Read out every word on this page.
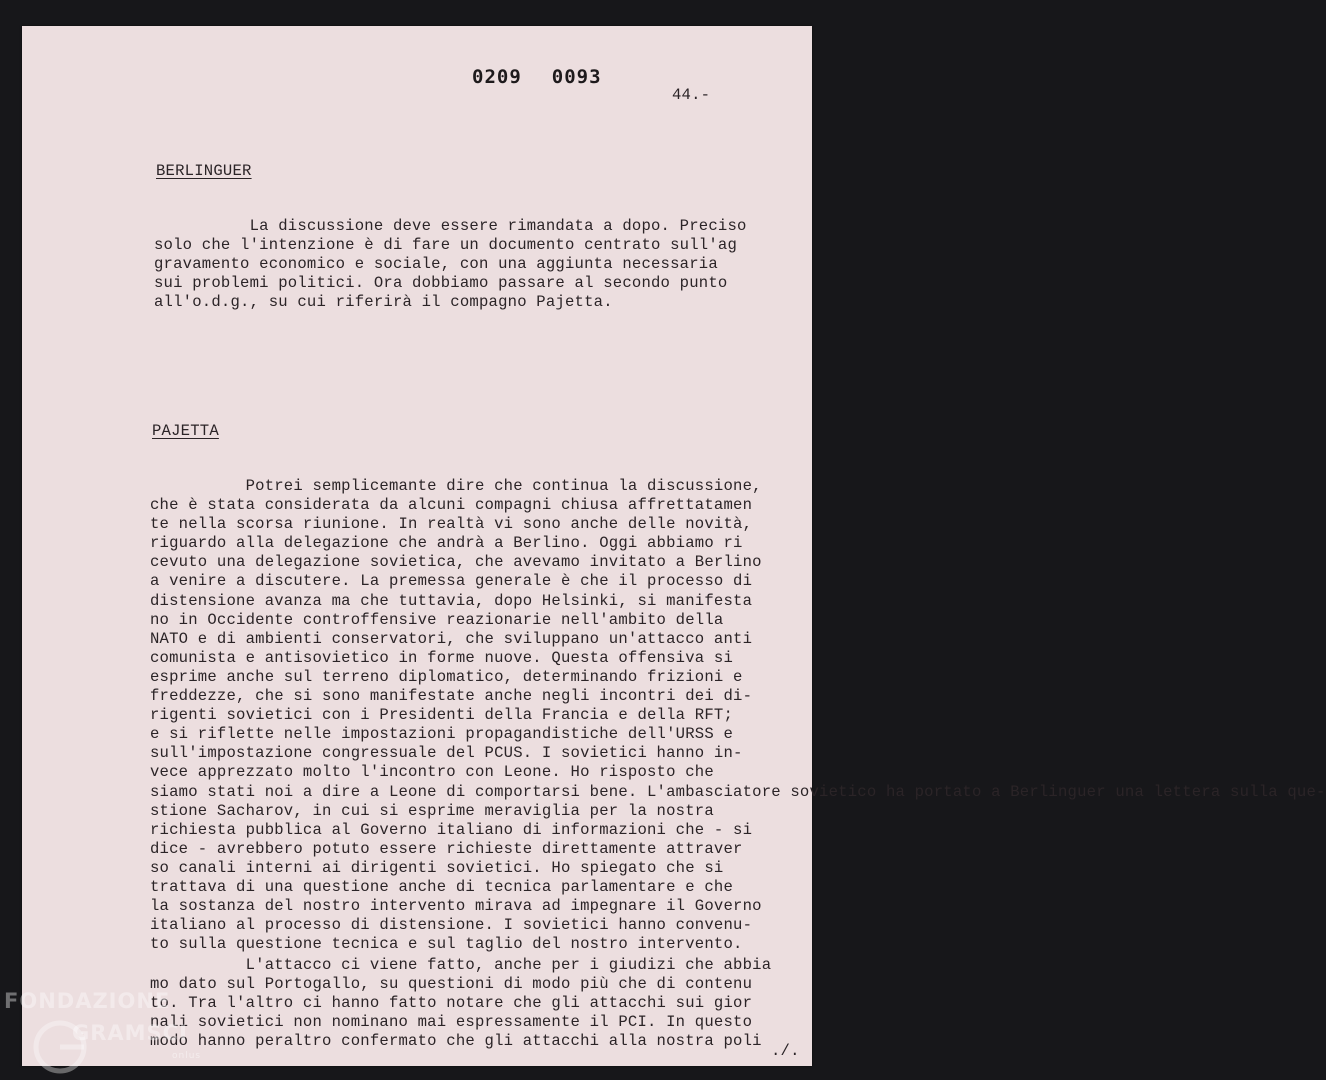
0209 0093
44.-
BERLINGUER

La discussione deve essere rimandata a dopo. Preciso
solo che l'intenzione è di fare un documento centrato sull'ag
gravamento economico e sociale, con una aggiunta necessaria
sui problemi politici. Ora dobbiamo passare al secondo punto
all'o.d.g., su cui riferirà il compagno Pajetta.

PAJETTA

Potrei semplicemante dire che continua la discussione,
che è stata considerata da alcuni compagni chiusa affrettatamen
te nella scorsa riunione. In realtà vi sono anche delle novità,
riguardo alla delegazione che andrà a Berlino. Oggi abbiamo ri
cevuto una delegazione sovietica, che avevamo invitato a Berlino
a venire a discutere. La premessa generale è che il processo di
distensione avanza ma che tuttavia, dopo Helsinki, si manifesta
no in Occidente controffensive reazionarie nell'ambito della
NATO e di ambienti conservatori, che sviluppano un'attacco anti
comunista e antisovietico in forme nuove. Questa offensiva si
esprime anche sul terreno diplomatico, determinando frizioni e
freddezze, che si sono manifestate anche negli incontri dei di-
rigenti sovietici con i Presidenti della Francia e della RFT;
e si riflette nelle impostazioni propagandistiche dell'URSS e
sull'impostazione congressuale del PCUS. I sovietici hanno in-
vece apprezzato molto l'incontro con Leone. Ho risposto che
siamo stati noi a dire a Leone di comportarsi bene. L'ambasciatore sovietico ha portato a Berlinguer una lettera sulla que-
stione Sacharov, in cui si esprime meraviglia per la nostra
richiesta pubblica al Governo italiano di informazioni che - si
dice - avrebbero potuto essere richieste direttamente attraver
so canali interni ai dirigenti sovietici. Ho spiegato che si
trattava di una questione anche di tecnica parlamentare e che
la sostanza del nostro intervento mirava ad impegnare il Governo
italiano al processo di distensione. I sovietici hanno convenu-
to sulla questione tecnica e sul taglio del nostro intervento.

L'attacco ci viene fatto, anche per i giudizi che abbia
mo dato sul Portogallo, su questioni di modo più che di contenu
to. Tra l'altro ci hanno fatto notare che gli attacchi sui gior
nali sovietici non nominano mai espressamente il PCI. In questo
modo hanno peraltro confermato che gli attacchi alla nostra poli

./.
FONDAZIONE
GRAMSCI
onlus
